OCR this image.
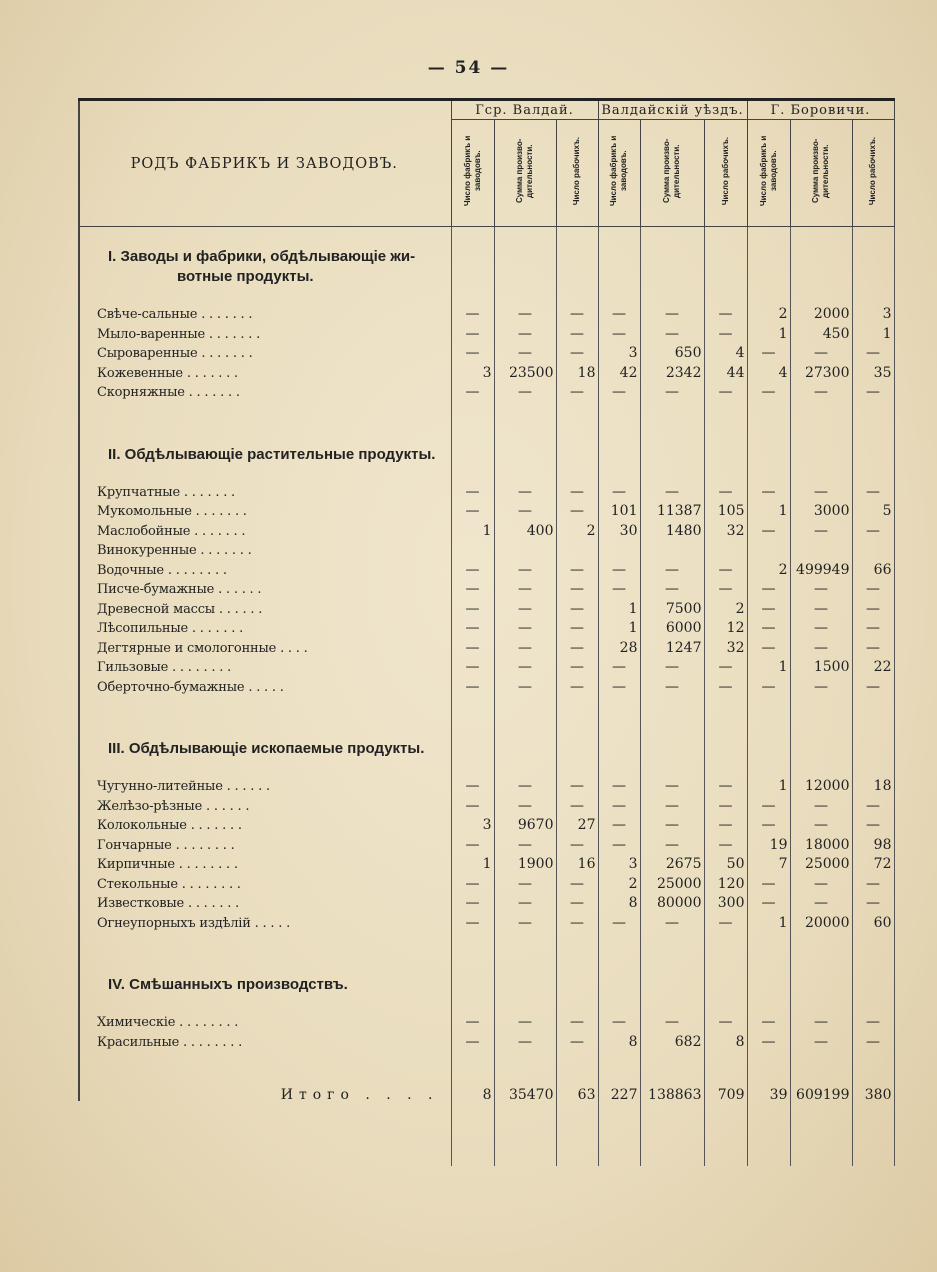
— 54 —
РОДЪ ФАБРИКЪ И ЗАВОДОВЪ.	Гср. Валдай.			Валдайскій уѣздъ.			Г. Боровичи.		
	Число фабрикъ и заводовъ.	Сумма произво-дительности.	Число рабочихъ.	Число фабрикъ и заводовъ.	Сумма произво-дительности.	Число рабочихъ.	Число фабрикъ и заводовъ.	Сумма произво-дительности.	Число рабочихъ.
I. Заводы и фабрики, обдѣлывающіе жи-
вотные продукты.									

Свѣче-сальные . . . . . . .	—	—	—	—	—	—	2	2000	3
Мыло-варенные . . . . . . .	—	—	—	—	—	—	1	450	1
Сыроваренные . . . . . . .	—	—	—	3	650	4	—	—	—
Кожевенные . . . . . . .	3	23500	18	42	2342	44	4	27300	35
Скорняжные . . . . . . .	—	—	—	—	—	—	—	—	—

II. Обдѣлывающіе растительные продукты.									
Крупчатные . . . . . . .	—	—	—	—	—	—	—	—	—
Мукомольные . . . . . . .	—	—	—	101	11387	105	1	3000	5
Маслобойные . . . . . . .	1	400	2	30	1480	32	—	—	—
Винокуренные . . . . . . .									
Водочные . . . . . . . .	—	—	—	—	—	—	2	499949	66
Писче-бумажные . . . . . .	—	—	—	—	—	—	—	—	—
Древесной массы . . . . . .	—	—	—	1	7500	2	—	—	—
Лѣсопильные . . . . . . .	—	—	—	1	6000	12	—	—	—
Дегтярные и смологонные . . . .	—	—	—	28	1247	32	—	—	—
Гильзовые . . . . . . . .	—	—	—	—	—	—	1	1500	22
Оберточно-бумажные . . . . .	—	—	—	—	—	—	—	—	—

III. Обдѣлывающіе ископаемые продукты.									
Чугунно-литейные . . . . . .	—	—	—	—	—	—	1	12000	18
Желѣзо-рѣзные . . . . . .	—	—	—	—	—	—	—	—	—
Колокольные . . . . . . .	3	9670	27	—	—	—	—	—	—
Гончарные . . . . . . . .	—	—	—	—	—	—	19	18000	98
Кирпичные . . . . . . . .	1	1900	16	3	2675	50	7	25000	72
Стекольные . . . . . . . .	—	—	—	2	25000	120	—	—	—
Известковые . . . . . . .	—	—	—	8	80000	300	—	—	—
Огнеупорныхъ издѣлій . . . . .	—	—	—	—	—	—	1	20000	60

IV. Смѣшанныхъ производствъ.									
Химическіе . . . . . . . .	—	—	—	—	—	—	—	—	—
Красильные . . . . . . . .	—	—	—	8	682	8	—	—	—

Итого . . . .	8	35470	63	227	138863	709	39	609199	380
